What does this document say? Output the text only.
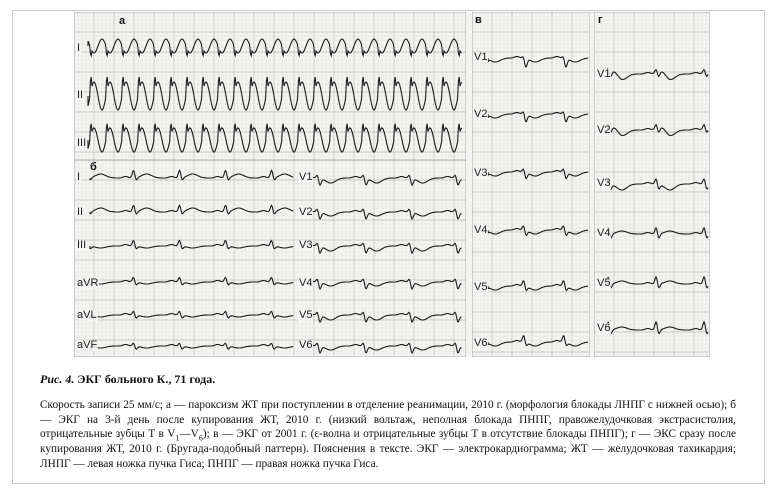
а
I
II
III
б
I
II
III
aVR
aVL
aVF
V1
V2
V3
V4
V5
V6
в
V1
V2
V3
V4
V5
V6
г
V1
V2
V3
V4
V5
V6
Рис. 4. ЭКГ больного К., 71 года.
Скорость записи 25 мм/с; а — пароксизм ЖТ при поступлении в отделение реанимации, 2010 г. (морфология блокады ЛНПГ с нижней осью); б — ЭКГ на 3-й день после купирования ЖТ, 2010 г. (низкий вольтаж, неполная блокада ПНПГ, правожелудочковая экстрасистолия, отрицательные зубцы Т в $V_1—V_6$); в — ЭКГ от 2001 г. (ε-волна и отрицательные зубцы Т в отсутствие блокады ПНПГ); г — ЭКС сразу после купирования ЖТ, 2010 г. (Бругада-подобный паттерн). Пояснения в тексте. ЭКГ — электрокардиограмма; ЖТ — желудочковая тахикардия; ЛНПГ — левая ножка пучка Гиса; ПНПГ — правая ножка пучка Гиса.
